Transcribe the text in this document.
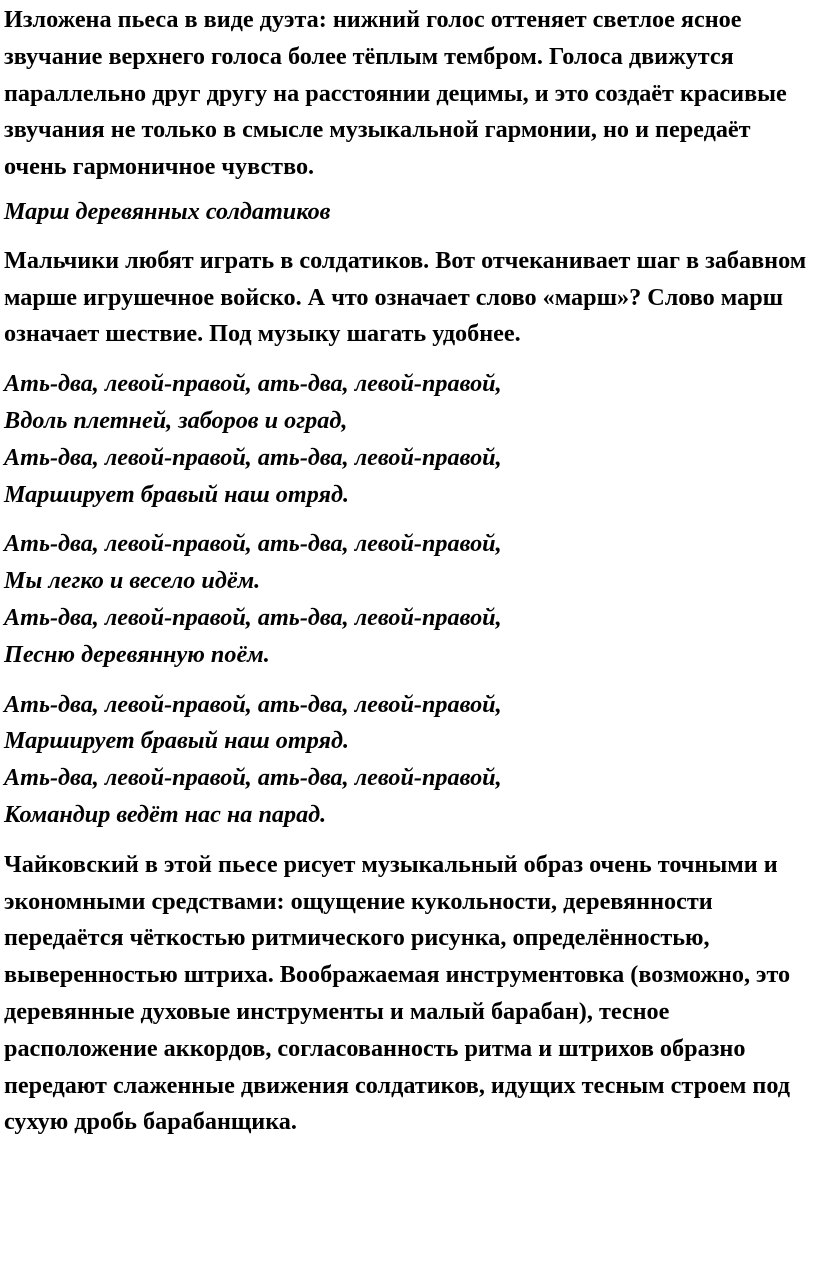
Изложена пьеса в виде дуэта: нижний голос оттеняет светлое ясное звучание верхнего голоса более тёплым тембром. Голоса движутся параллельно друг другу на расстоянии децимы, и это создаёт красивые звучания не только в смысле музыкальной гармонии, но и передаёт очень гармоничное чувство.

Марш деревянных солдатиков

Мальчики любят играть в солдатиков. Вот отчеканивает шаг в забавном марше игрушечное войско. А что означает слово «марш»? Слово марш означает шествие. Под музыку шагать удобнее.

Ать-два, левой-правой, ать-два, левой-правой,
Вдоль плетней, заборов и оград,
Ать-два, левой-правой, ать-два, левой-правой,
Марширует бравый наш отряд.

Ать-два, левой-правой, ать-два, левой-правой,
Мы легко и весело идём.
Ать-два, левой-правой, ать-два, левой-правой,
Песню деревянную поём.

Ать-два, левой-правой, ать-два, левой-правой,
Марширует бравый наш отряд.
Ать-два, левой-правой, ать-два, левой-правой,
Командир ведёт нас на парад.

Чайковский в этой пьесе рисует музыкальный образ очень точными и экономными средствами: ощущение кукольности, деревянности передаётся чёткостью ритмического рисунка, определённостью, выверенностью штриха. Воображаемая инструментовка (возможно, это деревянные духовые инструменты и малый барабан), тесное расположение аккордов, согласованность ритма и штрихов образно передают слаженные движения солдатиков, идущих тесным строем под сухую дробь барабанщика.
